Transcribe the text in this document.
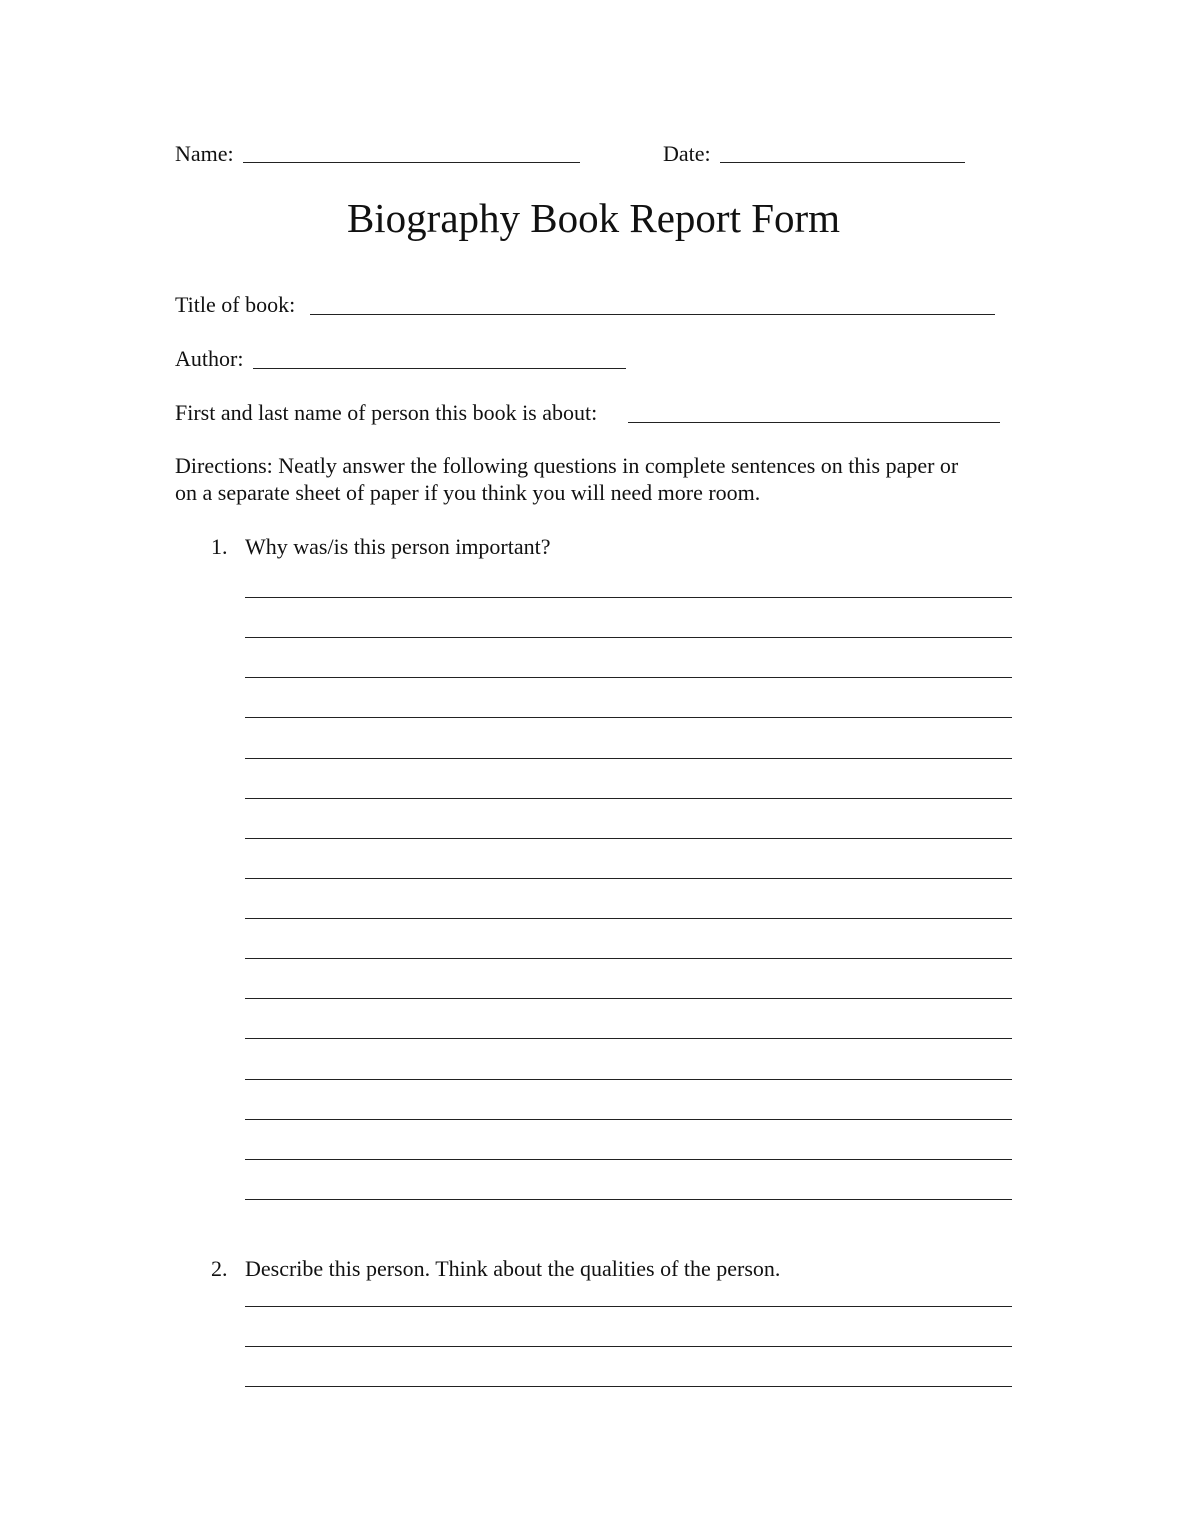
Name:	Date:
Biography Book Report Form
Title of book:
Author:
First and last name of person this book is about:
Directions: Neatly answer the following questions in complete sentences on this paper or
on a separate sheet of paper if you think you will need more room.
1. Why was/is this person important?
2. Describe this person. Think about the qualities of the person.
